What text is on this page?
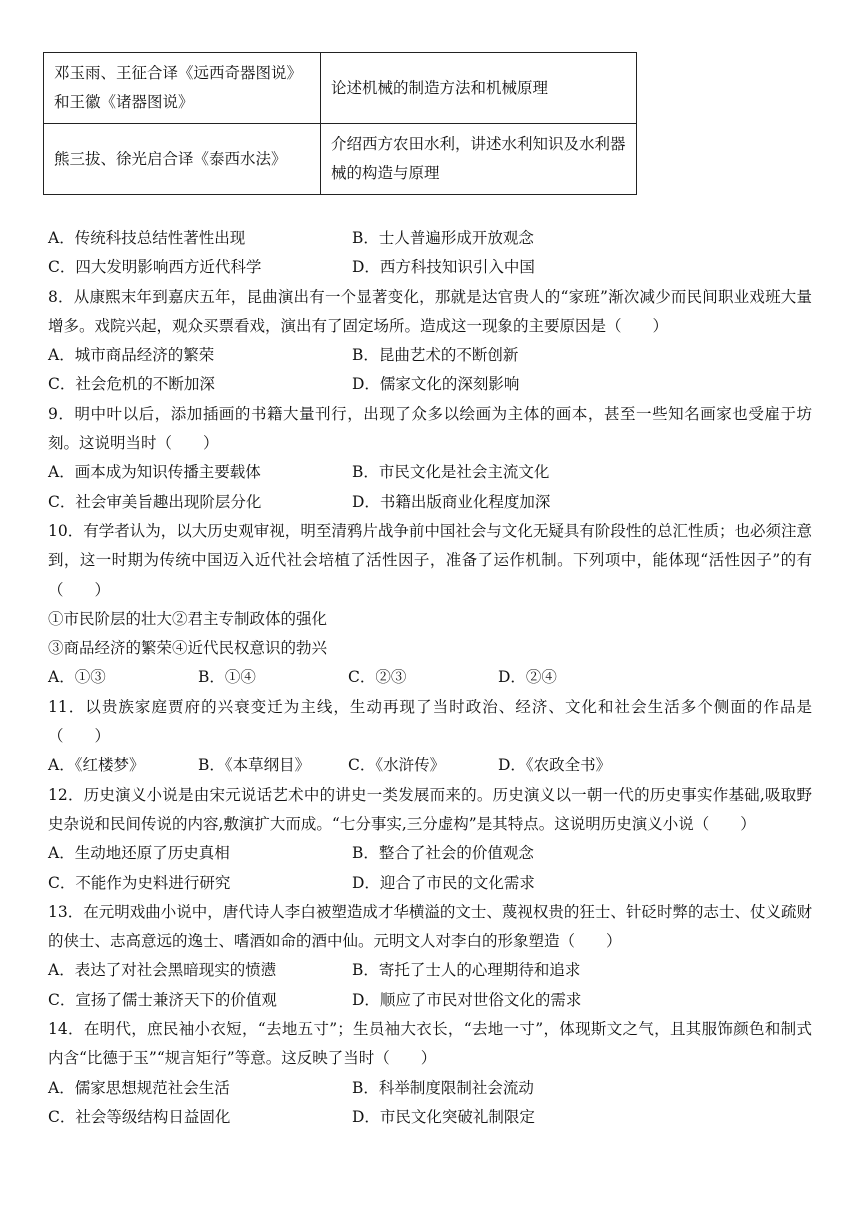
邓玉雨、王征合译《远西奇器图说》和王徽《诸器图说》	论述机械的制造方法和机械原理
熊三拔、徐光启合译《泰西水法》	介绍西方农田水利，讲述水利知识及水利器械的构造与原理
A．传统科技总结性著性出现	B．士人普遍形成开放观念
C．四大发明影响西方近代科学	D．西方科技知识引入中国
8．从康熙末年到嘉庆五年，昆曲演出有一个显著变化，那就是达官贵人的“家班”渐次减少而民间职业戏班大量增多。戏院兴起，观众买票看戏，演出有了固定场所。造成这一现象的主要原因是（　　）
A．城市商品经济的繁荣	B．昆曲艺术的不断创新
C．社会危机的不断加深	D．儒家文化的深刻影响
9．明中叶以后，添加插画的书籍大量刊行，出现了众多以绘画为主体的画本，甚至一些知名画家也受雇于坊刻。这说明当时（　　）
A．画本成为知识传播主要载体	B．市民文化是社会主流文化
C．社会审美旨趣出现阶层分化	D．书籍出版商业化程度加深
10．有学者认为，以大历史观审视，明至清鸦片战争前中国社会与文化无疑具有阶段性的总汇性质；也必须注意到，这一时期为传统中国迈入近代社会培植了活性因子，准备了运作机制。下列项中，能体现“活性因子”的有（　　）
①市民阶层的壮大②君主专制政体的强化
③商品经济的繁荣④近代民权意识的勃兴
A．①③	B．①④	C．②③	D．②④
11．以贵族家庭贾府的兴衰变迁为主线，生动再现了当时政治、经济、文化和社会生活多个侧面的作品是（　　）
A．《红楼梦》	B．《本草纲目》	C．《水浒传》	D．《农政全书》
12．历史演义小说是由宋元说话艺术中的讲史一类发展而来的。历史演义以一朝一代的历史事实作基础,吸取野史杂说和民间传说的内容,敷演扩大而成。“七分事实,三分虚构”是其特点。这说明历史演义小说（　　）
A．生动地还原了历史真相	B．整合了社会的价值观念
C．不能作为史料进行研究	D．迎合了市民的文化需求
13．在元明戏曲小说中，唐代诗人李白被塑造成才华横溢的文士、蔑视权贵的狂士、针砭时弊的志士、仗义疏财的侠士、志高意远的逸士、嗜酒如命的酒中仙。元明文人对李白的形象塑造（　　）
A．表达了对社会黑暗现实的愤懑	B．寄托了士人的心理期待和追求
C．宣扬了儒士兼济天下的价值观	D．顺应了市民对世俗文化的需求
14．在明代，庶民袖小衣短，“去地五寸”；生员袖大衣长，“去地一寸”，体现斯文之气，且其服饰颜色和制式内含“比德于玉”“规言矩行”等意。这反映了当时（　　）
A．儒家思想规范社会生活	B．科举制度限制社会流动
C．社会等级结构日益固化	D．市民文化突破礼制限定
